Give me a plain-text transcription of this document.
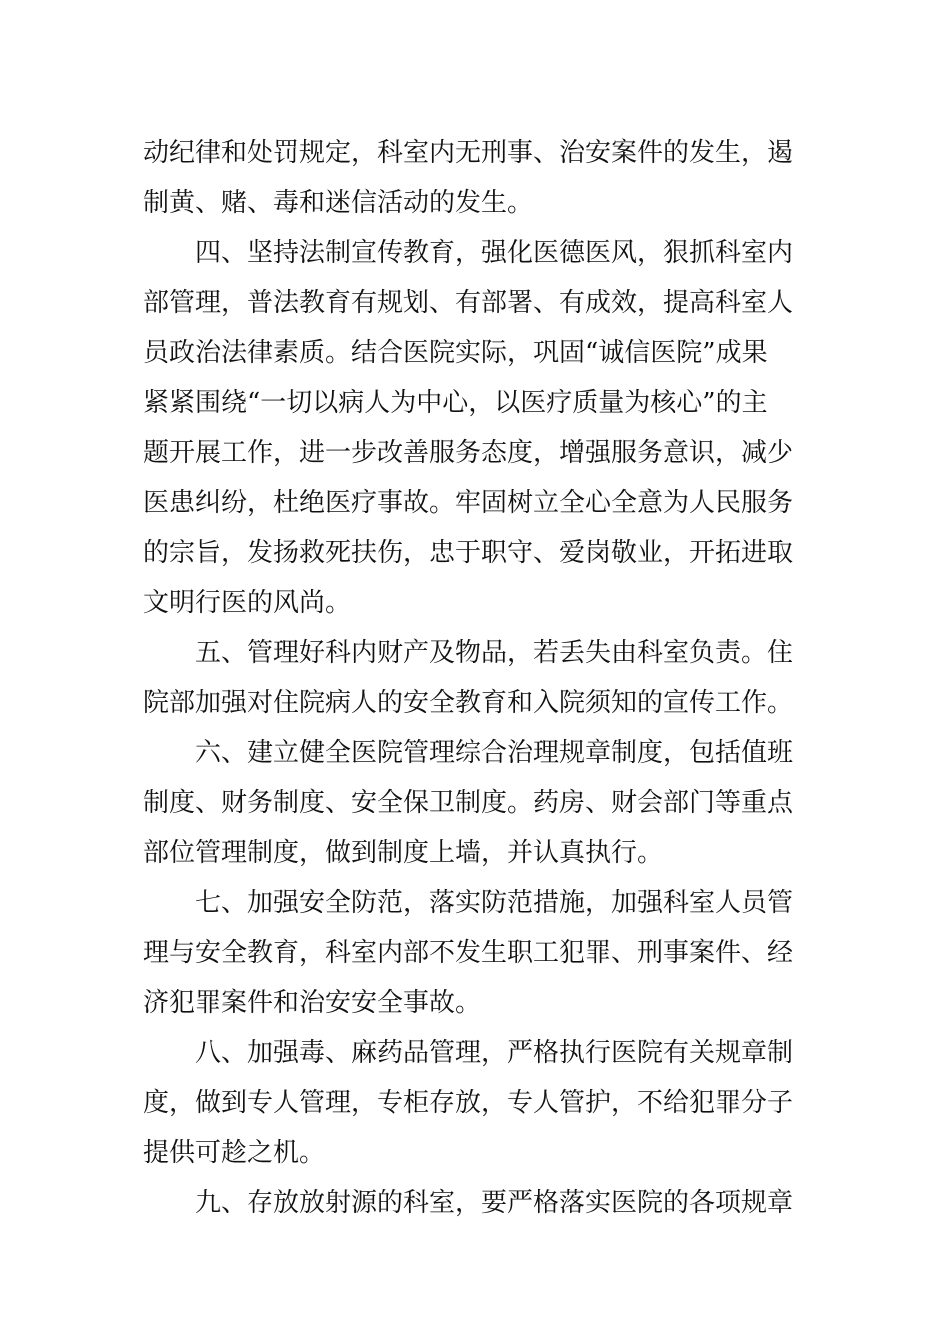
动纪律和处罚规定，科室内无刑事、治安案件的发生，遏
制黄、赌、毒和迷信活动的发生。
四、坚持法制宣传教育，强化医德医风，狠抓科室内
部管理，普法教育有规划、有部署、有成效，提高科室人
员政治法律素质。结合医院实际，巩固“诚信医院”成果
紧紧围绕“一切以病人为中心，以医疗质量为核心”的主
题开展工作，进一步改善服务态度，增强服务意识，减少
医患纠纷，杜绝医疗事故。牢固树立全心全意为人民服务
的宗旨，发扬救死扶伤，忠于职守、爱岗敬业，开拓进取
文明行医的风尚。
五、管理好科内财产及物品，若丢失由科室负责。住
院部加强对住院病人的安全教育和入院须知的宣传工作。
六、建立健全医院管理综合治理规章制度，包括值班
制度、财务制度、安全保卫制度。药房、财会部门等重点
部位管理制度，做到制度上墙，并认真执行。
七、加强安全防范，落实防范措施，加强科室人员管
理与安全教育，科室内部不发生职工犯罪、刑事案件、经
济犯罪案件和治安安全事故。
八、加强毒、麻药品管理，严格执行医院有关规章制
度，做到专人管理，专柜存放，专人管护，不给犯罪分子
提供可趁之机。
九、存放放射源的科室，要严格落实医院的各项规章
